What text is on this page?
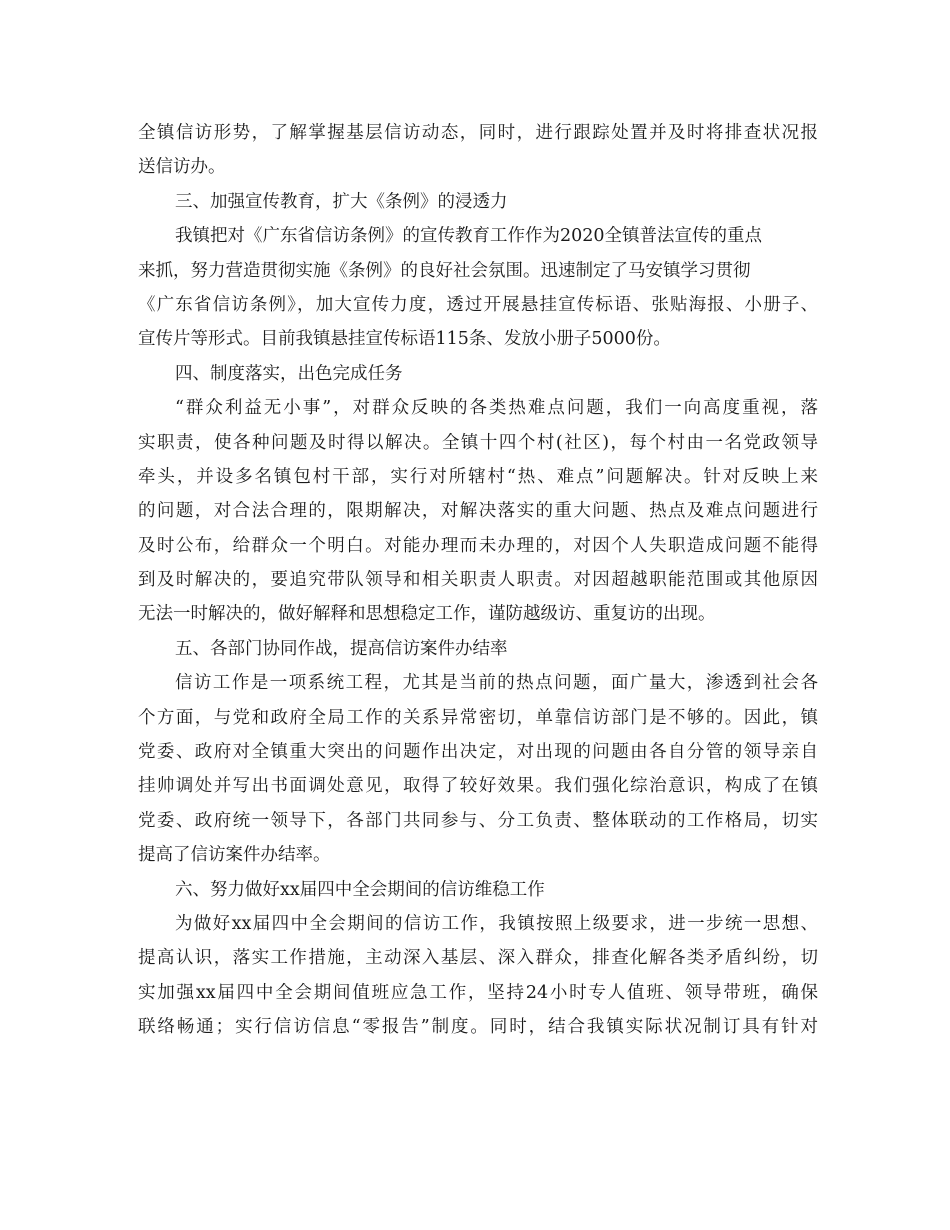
全镇信访形势，了解掌握基层信访动态，同时，进行跟踪处置并及时将排查状况报
送信访办。
三、加强宣传教育，扩大《条例》的浸透力
我镇把对《广东省信访条例》的宣传教育工作作为2020全镇普法宣传的重点
来抓，努力营造贯彻实施《条例》的良好社会氛围。迅速制定了马安镇学习贯彻
《广东省信访条例》，加大宣传力度，透过开展悬挂宣传标语、张贴海报、小册子、
宣传片等形式。目前我镇悬挂宣传标语115条、发放小册子5000份。
四、制度落实，出色完成任务
“群众利益无小事”，对群众反映的各类热难点问题，我们一向高度重视，落
实职责，使各种问题及时得以解决。全镇十四个村(社区)，每个村由一名党政领导
牵头，并设多名镇包村干部，实行对所辖村“热、难点”问题解决。针对反映上来
的问题，对合法合理的，限期解决，对解决落实的重大问题、热点及难点问题进行
及时公布，给群众一个明白。对能办理而未办理的，对因个人失职造成问题不能得
到及时解决的，要追究带队领导和相关职责人职责。对因超越职能范围或其他原因
无法一时解决的，做好解释和思想稳定工作，谨防越级访、重复访的出现。
五、各部门协同作战，提高信访案件办结率
信访工作是一项系统工程，尤其是当前的热点问题，面广量大，渗透到社会各
个方面，与党和政府全局工作的关系异常密切，单靠信访部门是不够的。因此，镇
党委、政府对全镇重大突出的问题作出决定，对出现的问题由各自分管的领导亲自
挂帅调处并写出书面调处意见，取得了较好效果。我们强化综治意识，构成了在镇
党委、政府统一领导下，各部门共同参与、分工负责、整体联动的工作格局，切实
提高了信访案件办结率。
六、努力做好xx届四中全会期间的信访维稳工作
为做好xx届四中全会期间的信访工作，我镇按照上级要求，进一步统一思想、
提高认识，落实工作措施，主动深入基层、深入群众，排查化解各类矛盾纠纷，切
实加强xx届四中全会期间值班应急工作，坚持24小时专人值班、领导带班，确保
联络畅通；实行信访信息“零报告”制度。同时，结合我镇实际状况制订具有针对
